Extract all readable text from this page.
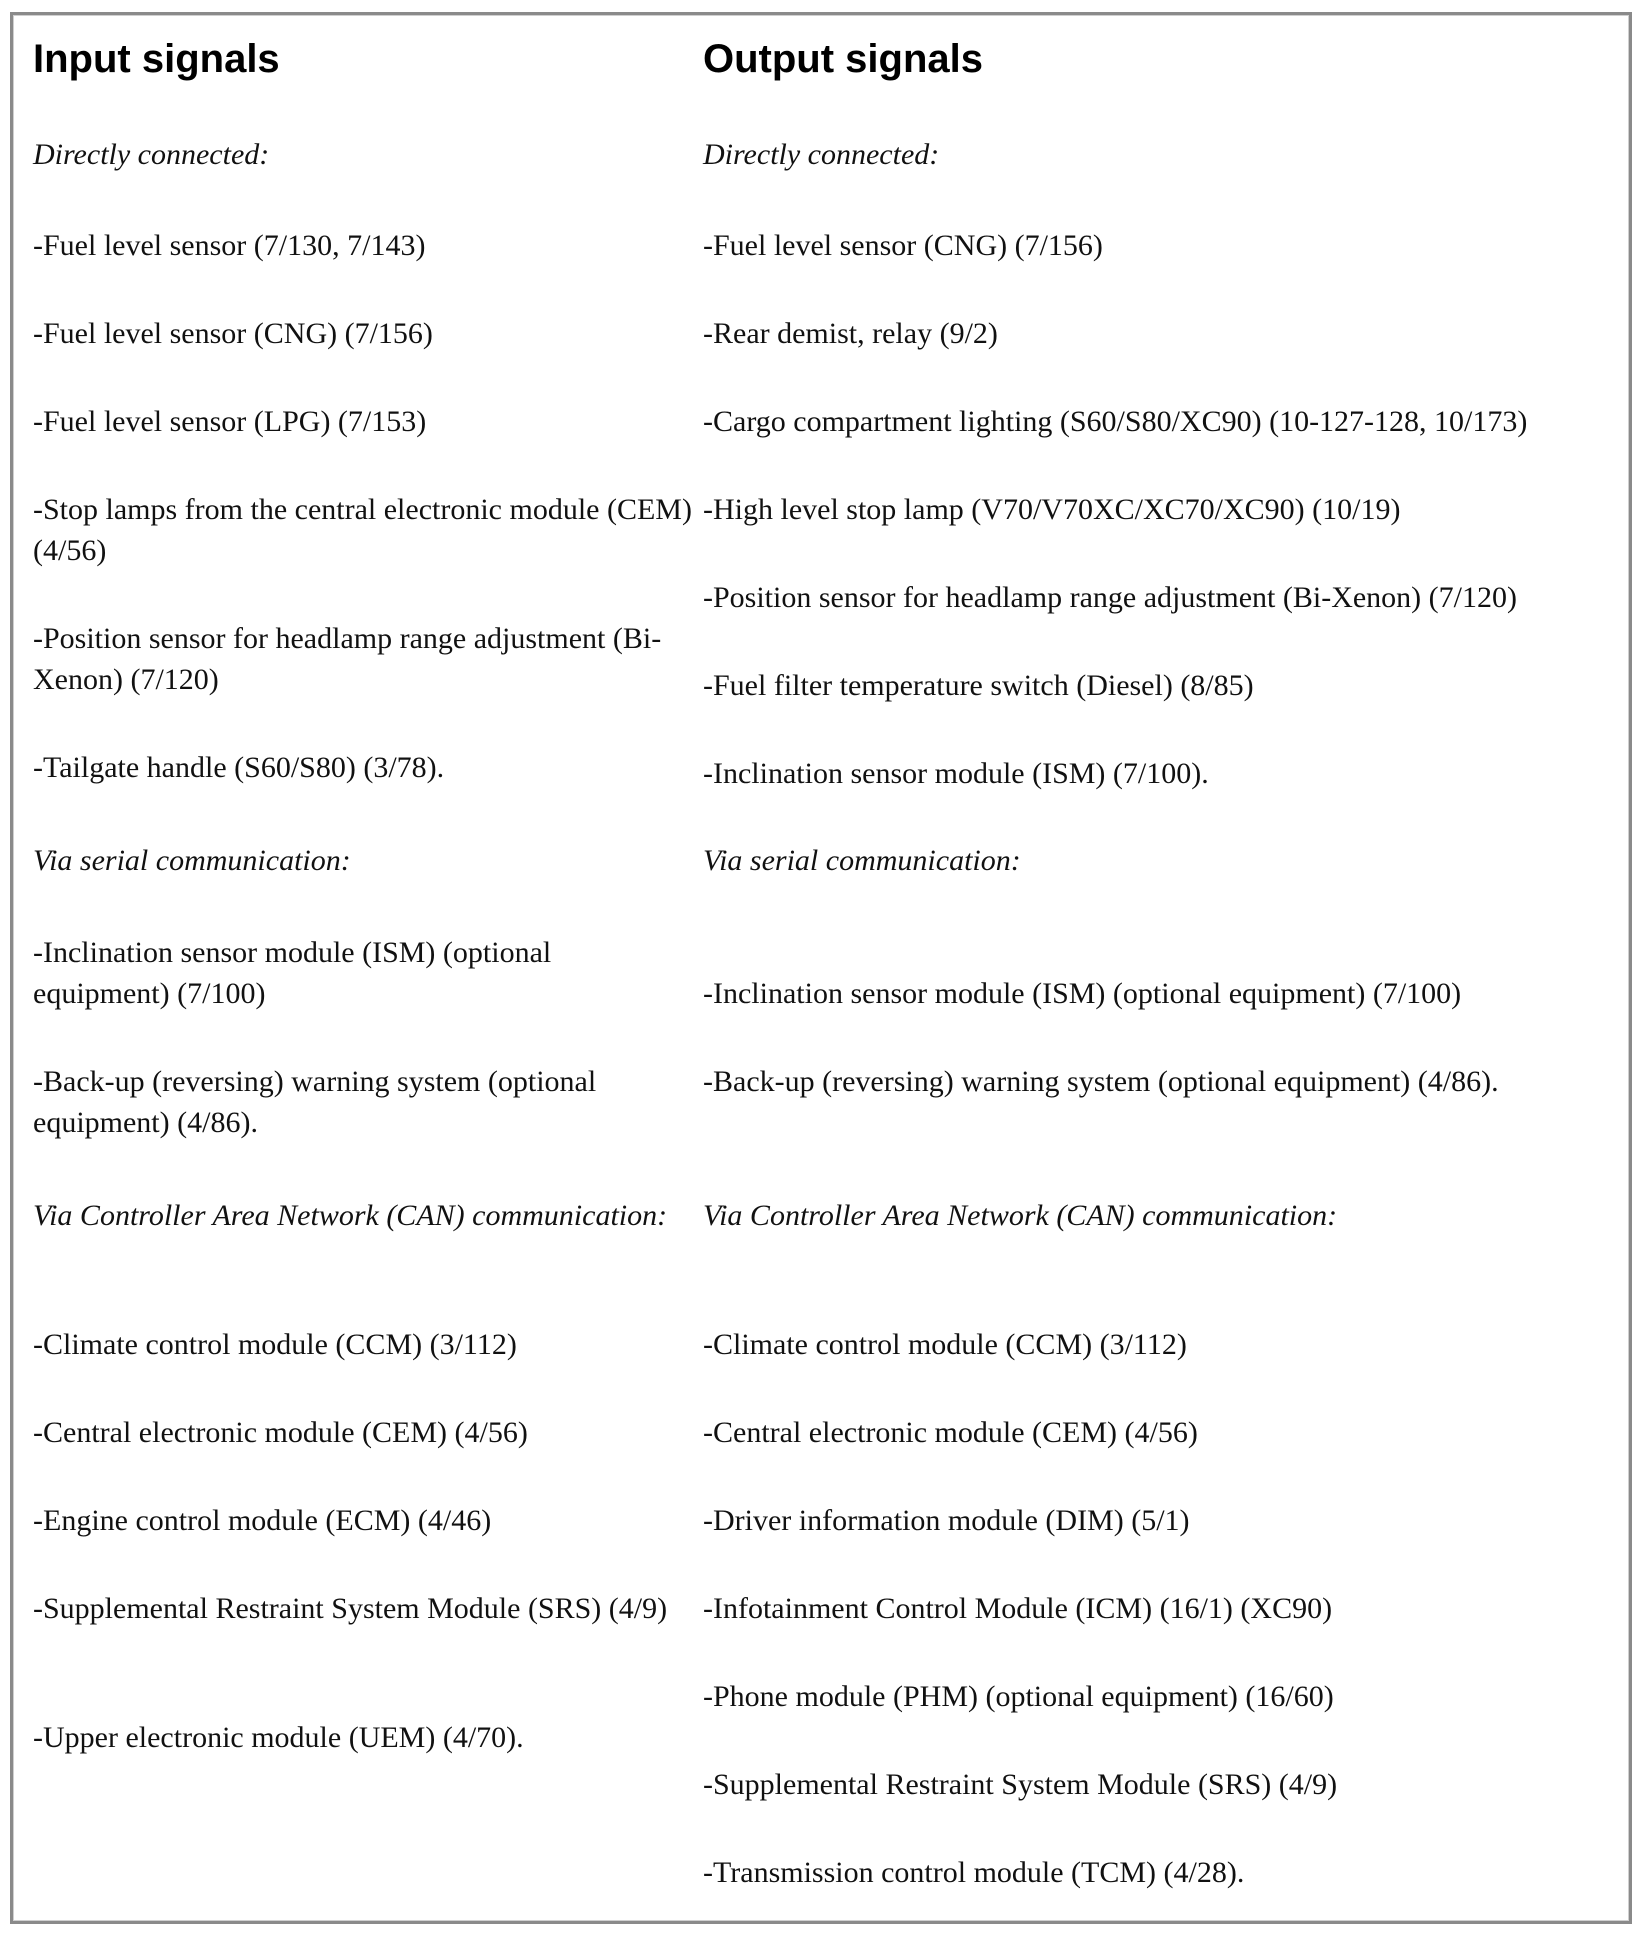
Input signals
Directly connected:
-Fuel level sensor (7/130, 7/143)
-Fuel level sensor (CNG) (7/156)
-Fuel level sensor (LPG) (7/153)
-Stop lamps from the central electronic module (CEM) (4/56)
-Position sensor for headlamp range adjustment (Bi-Xenon) (7/120)
-Tailgate handle (S60/S80) (3/78).
Via serial communication:
-Inclination sensor module (ISM) (optional equipment) (7/100)
-Back-up (reversing) warning system (optional equipment) (4/86).
Via Controller Area Network (CAN) communication:
-Climate control module (CCM) (3/112)
-Central electronic module (CEM) (4/56)
-Engine control module (ECM) (4/46)
-Supplemental Restraint System Module (SRS) (4/9)
-Upper electronic module (UEM) (4/70).
Output signals
Directly connected:
-Fuel level sensor (CNG) (7/156)
-Rear demist, relay (9/2)
-Cargo compartment lighting (S60/S80/XC90) (10-127-128, 10/173)
-High level stop lamp (V70/V70XC/XC70/XC90) (10/19)
-Position sensor for headlamp range adjustment (Bi-Xenon) (7/120)
-Fuel filter temperature switch (Diesel) (8/85)
-Inclination sensor module (ISM) (7/100).
Via serial communication:
-Inclination sensor module (ISM) (optional equipment) (7/100)
-Back-up (reversing) warning system (optional equipment) (4/86).
Via Controller Area Network (CAN) communication:
-Climate control module (CCM) (3/112)
-Central electronic module (CEM) (4/56)
-Driver information module (DIM) (5/1)
-Infotainment Control Module (ICM) (16/1) (XC90)
-Phone module (PHM) (optional equipment) (16/60)
-Supplemental Restraint System Module (SRS) (4/9)
-Transmission control module (TCM) (4/28).
